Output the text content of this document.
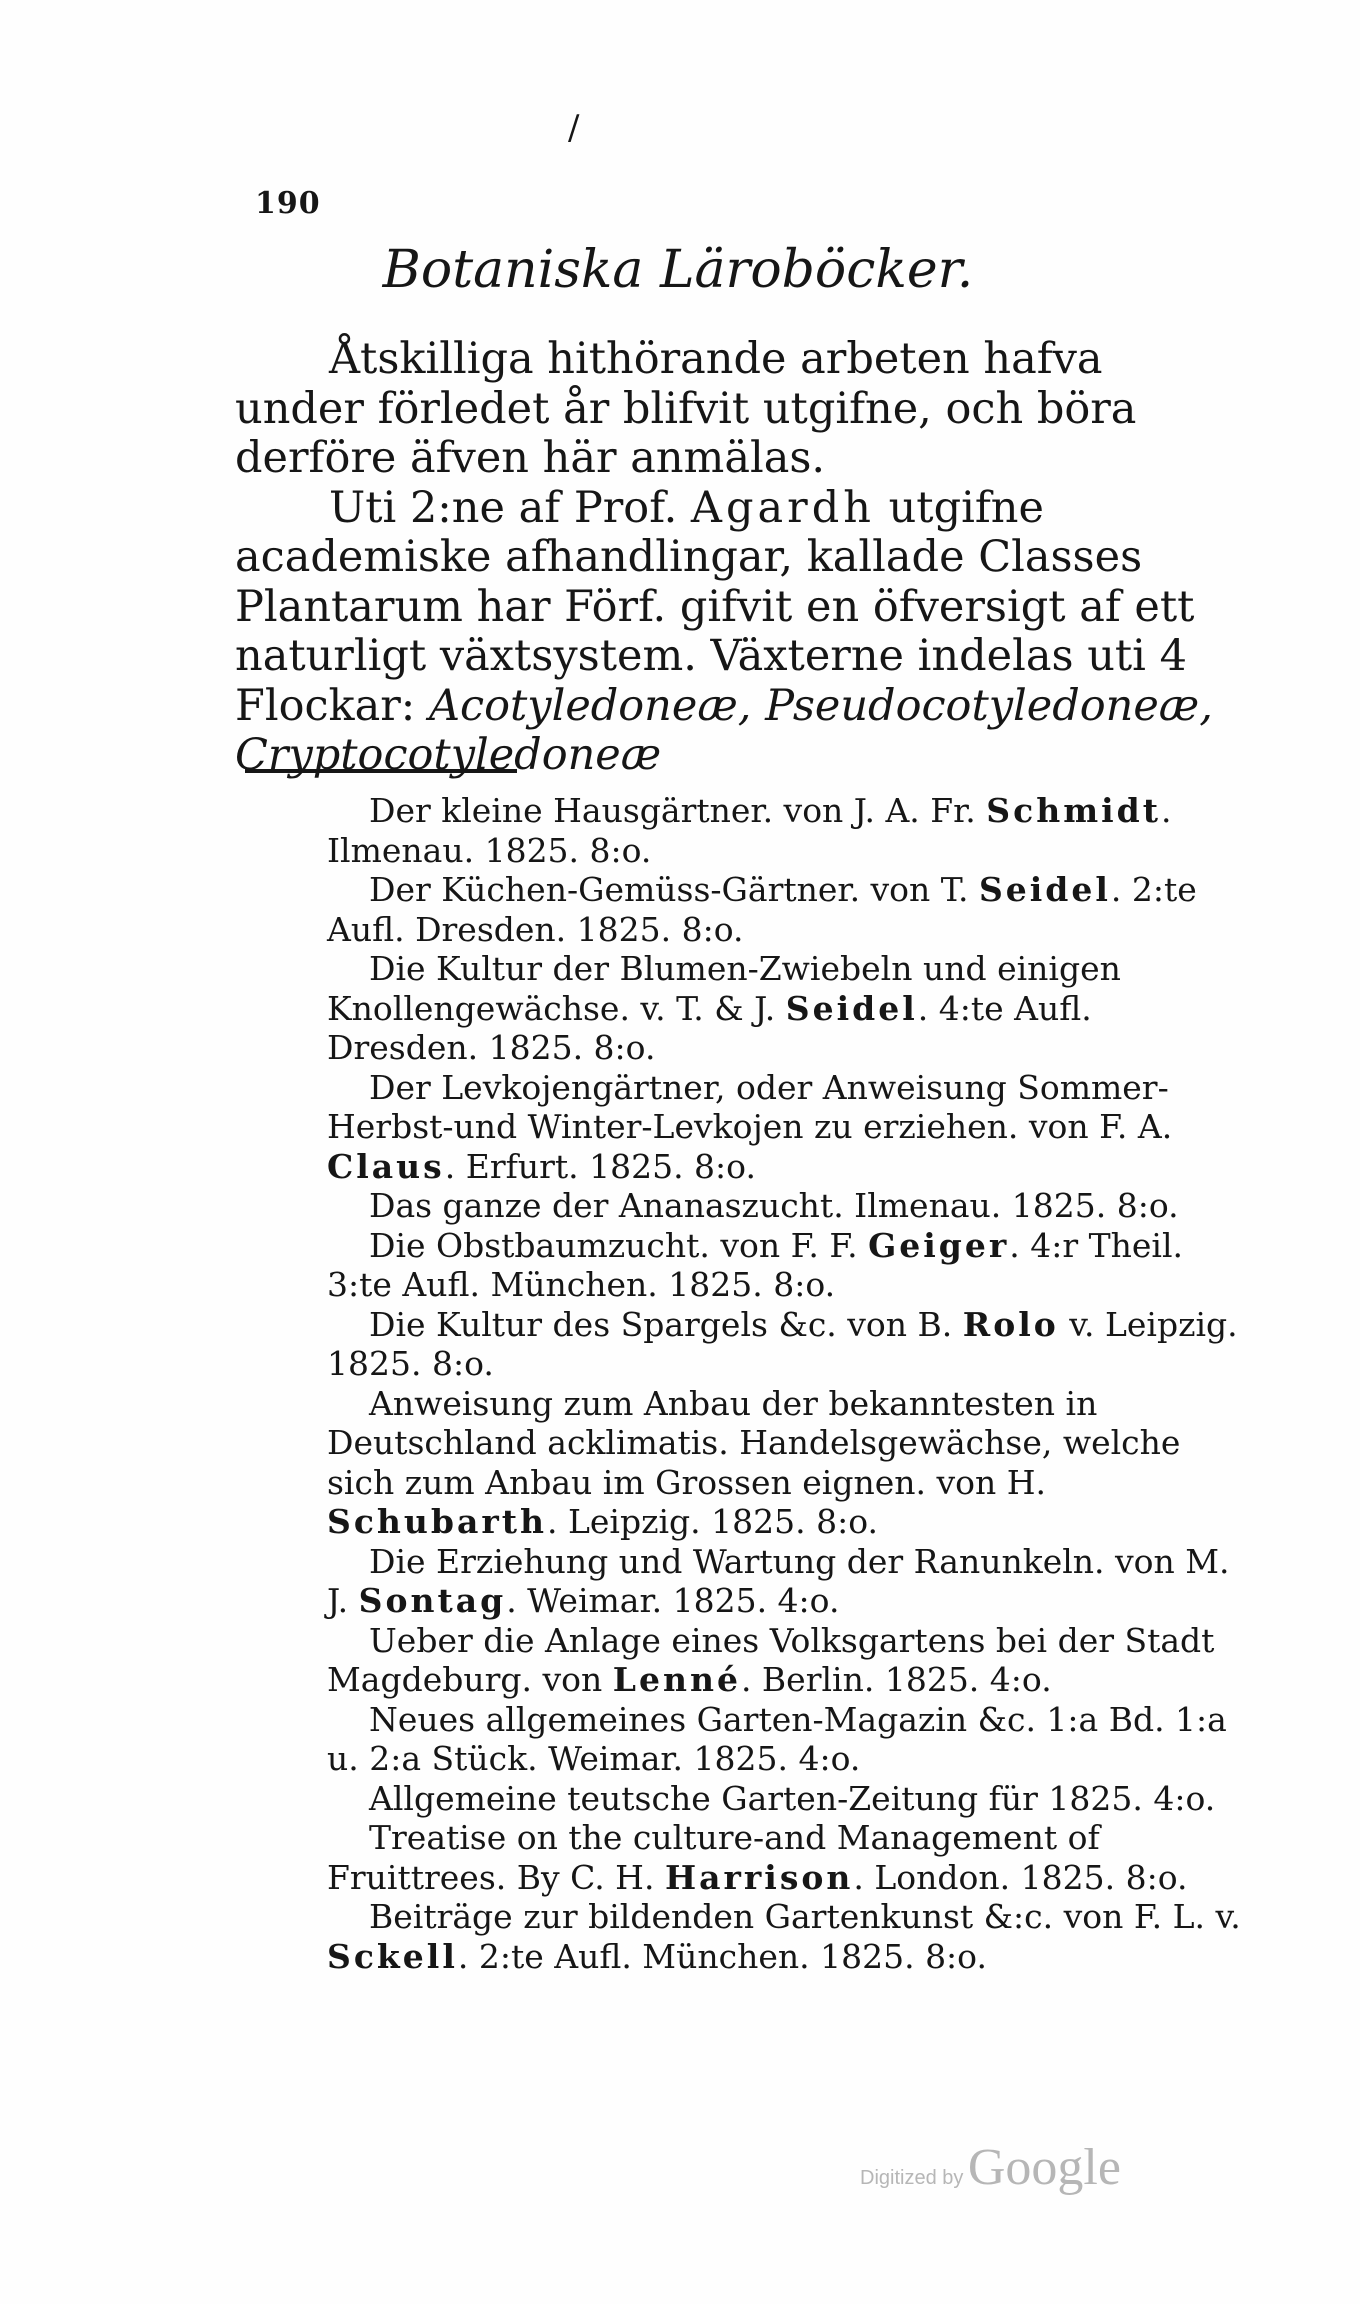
/
190
Botaniska Läroböcker.

Åtskilliga hithörande arbeten hafva under förledet år blifvit utgifne, och böra derföre äfven här anmälas.

Uti 2:ne af Prof. Agardh utgifne academiske afhandlingar, kallade Classes Plantarum har Förf. gifvit en öfversigt af ett naturligt växtsystem. Växterne indelas uti 4 Flockar: Acotyledoneæ, Pseudocotyledoneæ, Cryptocotyledoneæ

Der kleine Hausgärtner. von J. A. Fr. Schmidt. Ilmenau. 1825. 8:o.

Der Küchen-Gemüss-Gärtner. von T. Seidel. 2:te Aufl. Dresden. 1825. 8:o.

Die Kultur der Blumen-Zwiebeln und einigen Knollengewächse. v. T. & J. Seidel. 4:te Aufl. Dresden. 1825. 8:o.

Der Levkojengärtner, oder Anweisung Sommer- Herbst-und Winter-Levkojen zu erziehen. von F. A. Claus. Erfurt. 1825. 8:o.

Das ganze der Ananaszucht. Ilmenau. 1825. 8:o.

Die Obstbaumzucht. von F. F. Geiger. 4:r Theil. 3:te Aufl. München. 1825. 8:o.

Die Kultur des Spargels &c. von B. Rolo v. Leipzig. 1825. 8:o.

Anweisung zum Anbau der bekanntesten in Deutschland acklimatis. Handelsgewächse, welche sich zum Anbau im Grossen eignen. von H. Schubarth. Leipzig. 1825. 8:o.

Die Erziehung und Wartung der Ranunkeln. von M. J. Sontag. Weimar. 1825. 4:o.

Ueber die Anlage eines Volksgartens bei der Stadt Magdeburg. von Lenné. Berlin. 1825. 4:o.

Neues allgemeines Garten-Magazin &c. 1:a Bd. 1:a u. 2:a Stück. Weimar. 1825. 4:o.

Allgemeine teutsche Garten-Zeitung für 1825. 4:o.

Treatise on the culture-and Management of Fruittrees. By C. H. Harrison. London. 1825. 8:o.

Beiträge zur bildenden Gartenkunst &:c. von F. L. v. Sckell. 2:te Aufl. München. 1825. 8:o.

Digitized by Google
